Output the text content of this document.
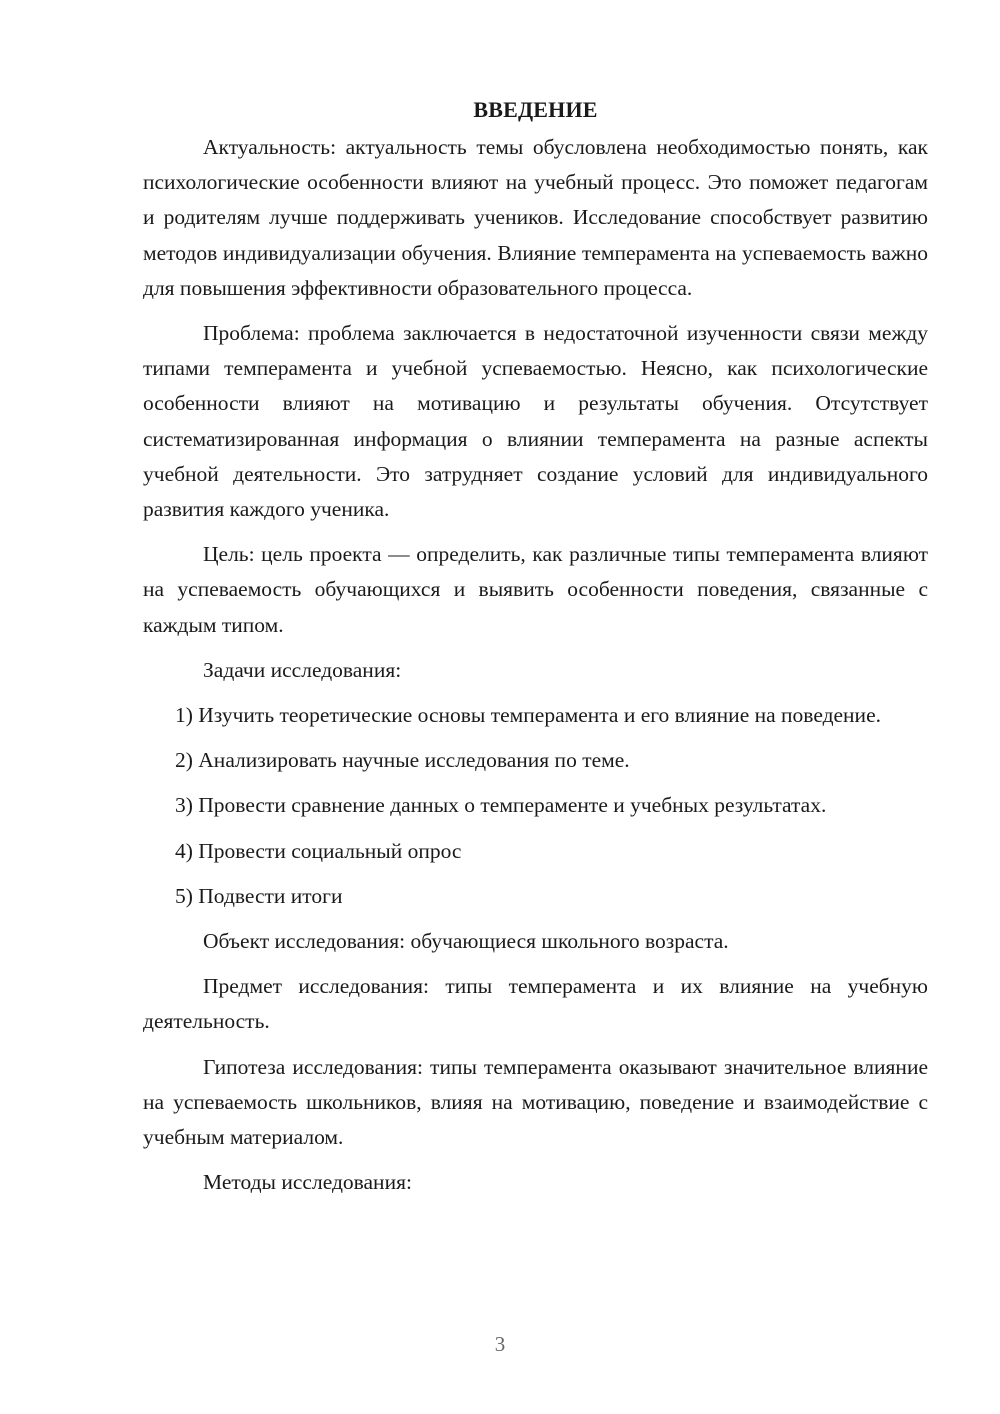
ВВЕДЕНИЕ

Актуальность: актуальность темы обусловлена необходимостью понять, как психологические особенности влияют на учебный процесс. Это поможет педагогам и родителям лучше поддерживать учеников. Исследование способствует развитию методов индивидуализации обучения. Влияние темперамента на успеваемость важно для повышения эффективности образовательного процесса.

Проблема: проблема заключается в недостаточной изученности связи между типами темперамента и учебной успеваемостью. Неясно, как психологические особенности влияют на мотивацию и результаты обучения. Отсутствует систематизированная информация о влиянии темперамента на разные аспекты учебной деятельности. Это затрудняет создание условий для индивидуального развития каждого ученика.

Цель: цель проекта — определить, как различные типы темперамента влияют на успеваемость обучающихся и выявить особенности поведения, связанные с каждым типом.

Задачи исследования:

1) Изучить теоретические основы темперамента и его влияние на поведение.

2) Анализировать научные исследования по теме.

3) Провести сравнение данных о темпераменте и учебных результатах.

4) Провести социальный опрос

5) Подвести итоги

Объект исследования: обучающиеся школьного возраста.

Предмет исследования: типы темперамента и их влияние на учебную деятельность.

Гипотеза исследования: типы темперамента оказывают значительное влияние на успеваемость школьников, влияя на мотивацию, поведение и взаимодействие с учебным материалом.

Методы исследования:

3
